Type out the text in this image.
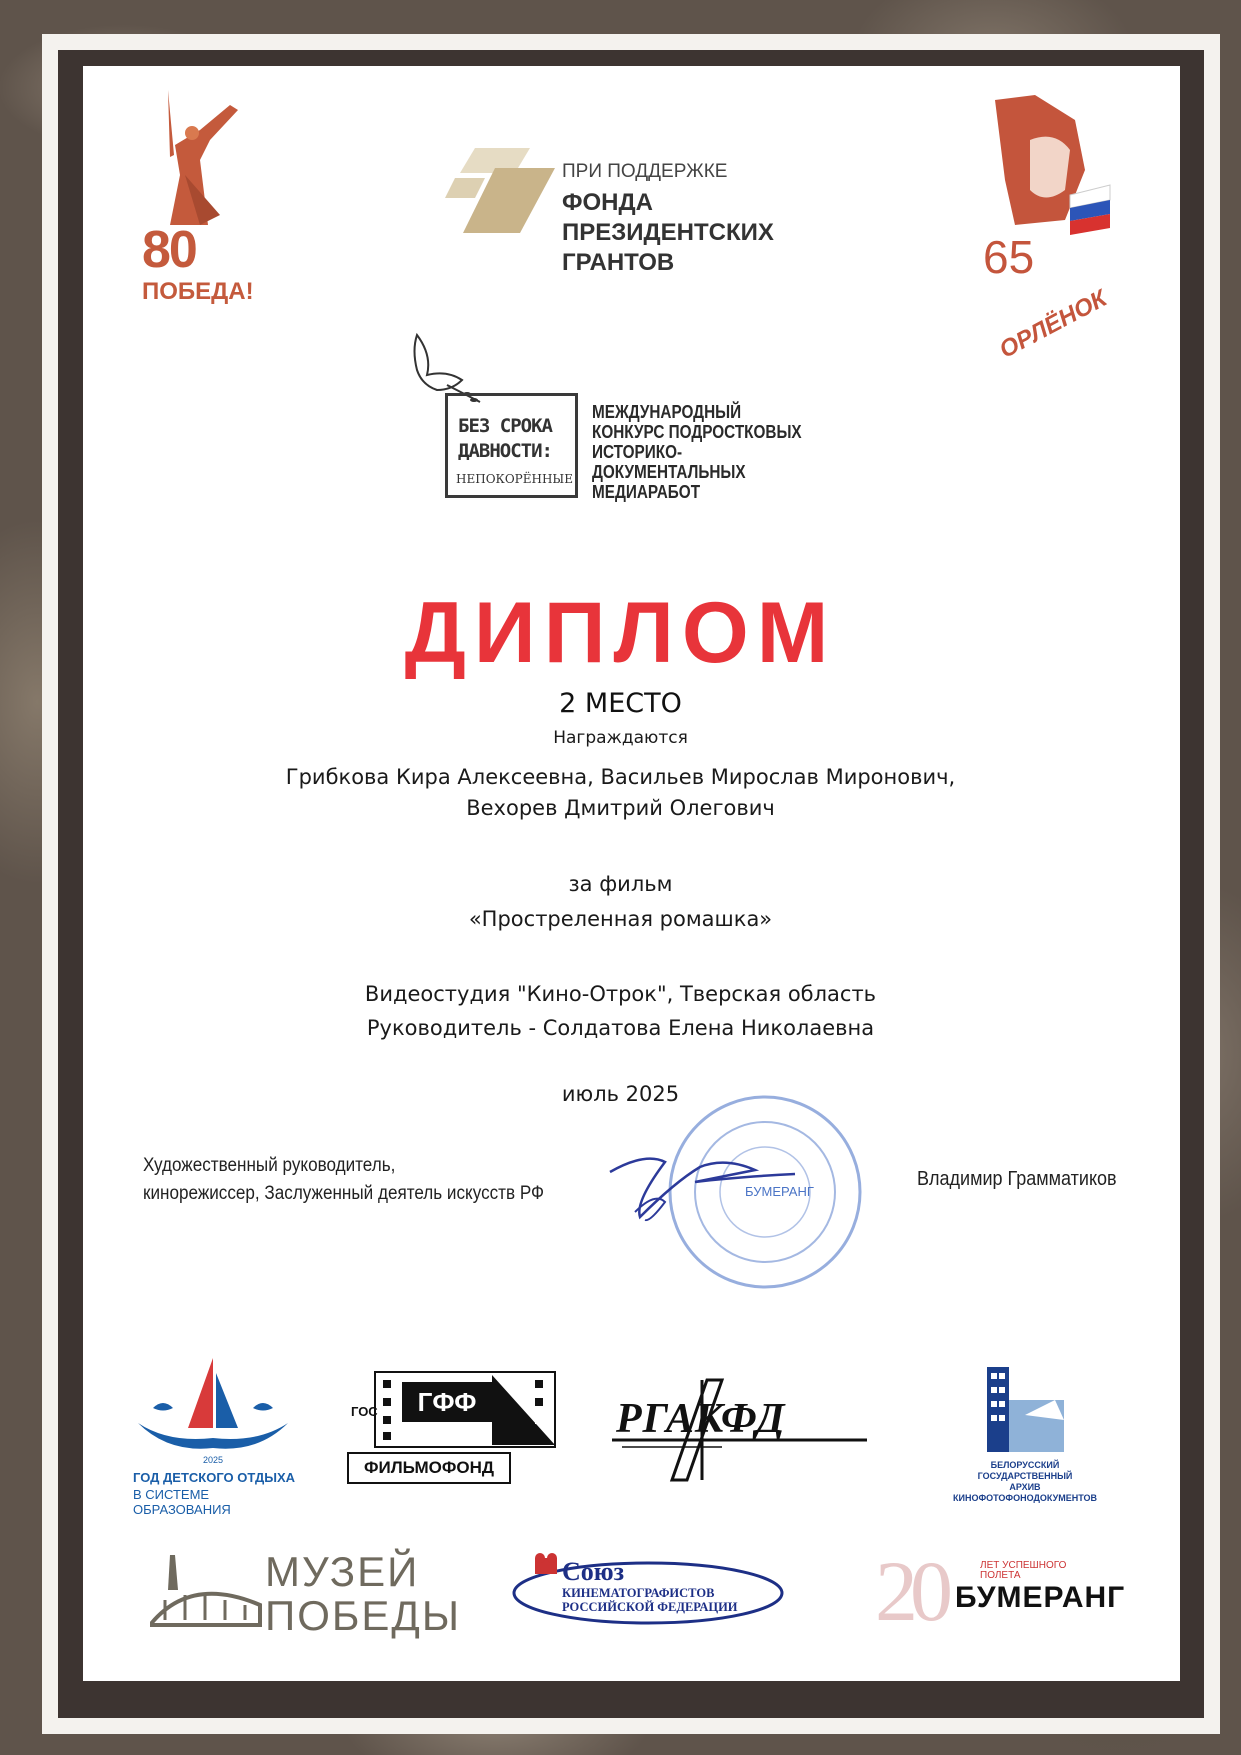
80
ПОБЕДА!
ПРИ ПОДДЕРЖКЕ
ФОНДА
ПРЕЗИДЕНТСКИХ
ГРАНТОВ	65
ОРЛЁНОК
БЕЗ СРОКА
ДАВНОСТИ:
НЕПОКОРЁННЫЕ
МЕЖДУНАРОДНЫЙ
КОНКУРС ПОДРОСТКОВЫХ
ИСТОРИКО-ДОКУМЕНТАЛЬНЫХ
МЕДИАРАБОТ
ДИПЛОМ
2 МЕСТО
Награждаются
Грибкова Кира Алексеевна, Васильев Мирослав Миронович,
Вехорев Дмитрий Олегович
за фильм
«Простреленная ромашка»
Видеостудия "Кино-Отрок", Тверская область
Руководитель - Солдатова Елена Николаевна
июль 2025
Художественный руководитель,
кинорежиссер, Заслуженный деятель искусств РФ	БУМЕРАНГ
Владимир Грамматиков
2025
ГОД ДЕТСКОГО ОТДЫХА
В СИСТЕМЕ ОБРАЗОВАНИЯ
ГФФ
ГОС
ФИЛЬМОФОНД
РГАКФД
БЕЛОРУССКИЙ ГОСУДАРСТВЕННЫЙ
АРХИВ КИНОФОТОФОНОДОКУМЕНТОВ
МУЗЕЙ
ПОБЕДЫ
Союз
КИНЕМАТОГРАФИСТОВ
РОССИЙСКОЙ ФЕДЕРАЦИИ 20	ЛЕТ УСПЕШНОГО
ПОЛЕТА
БУМЕРАНГ
